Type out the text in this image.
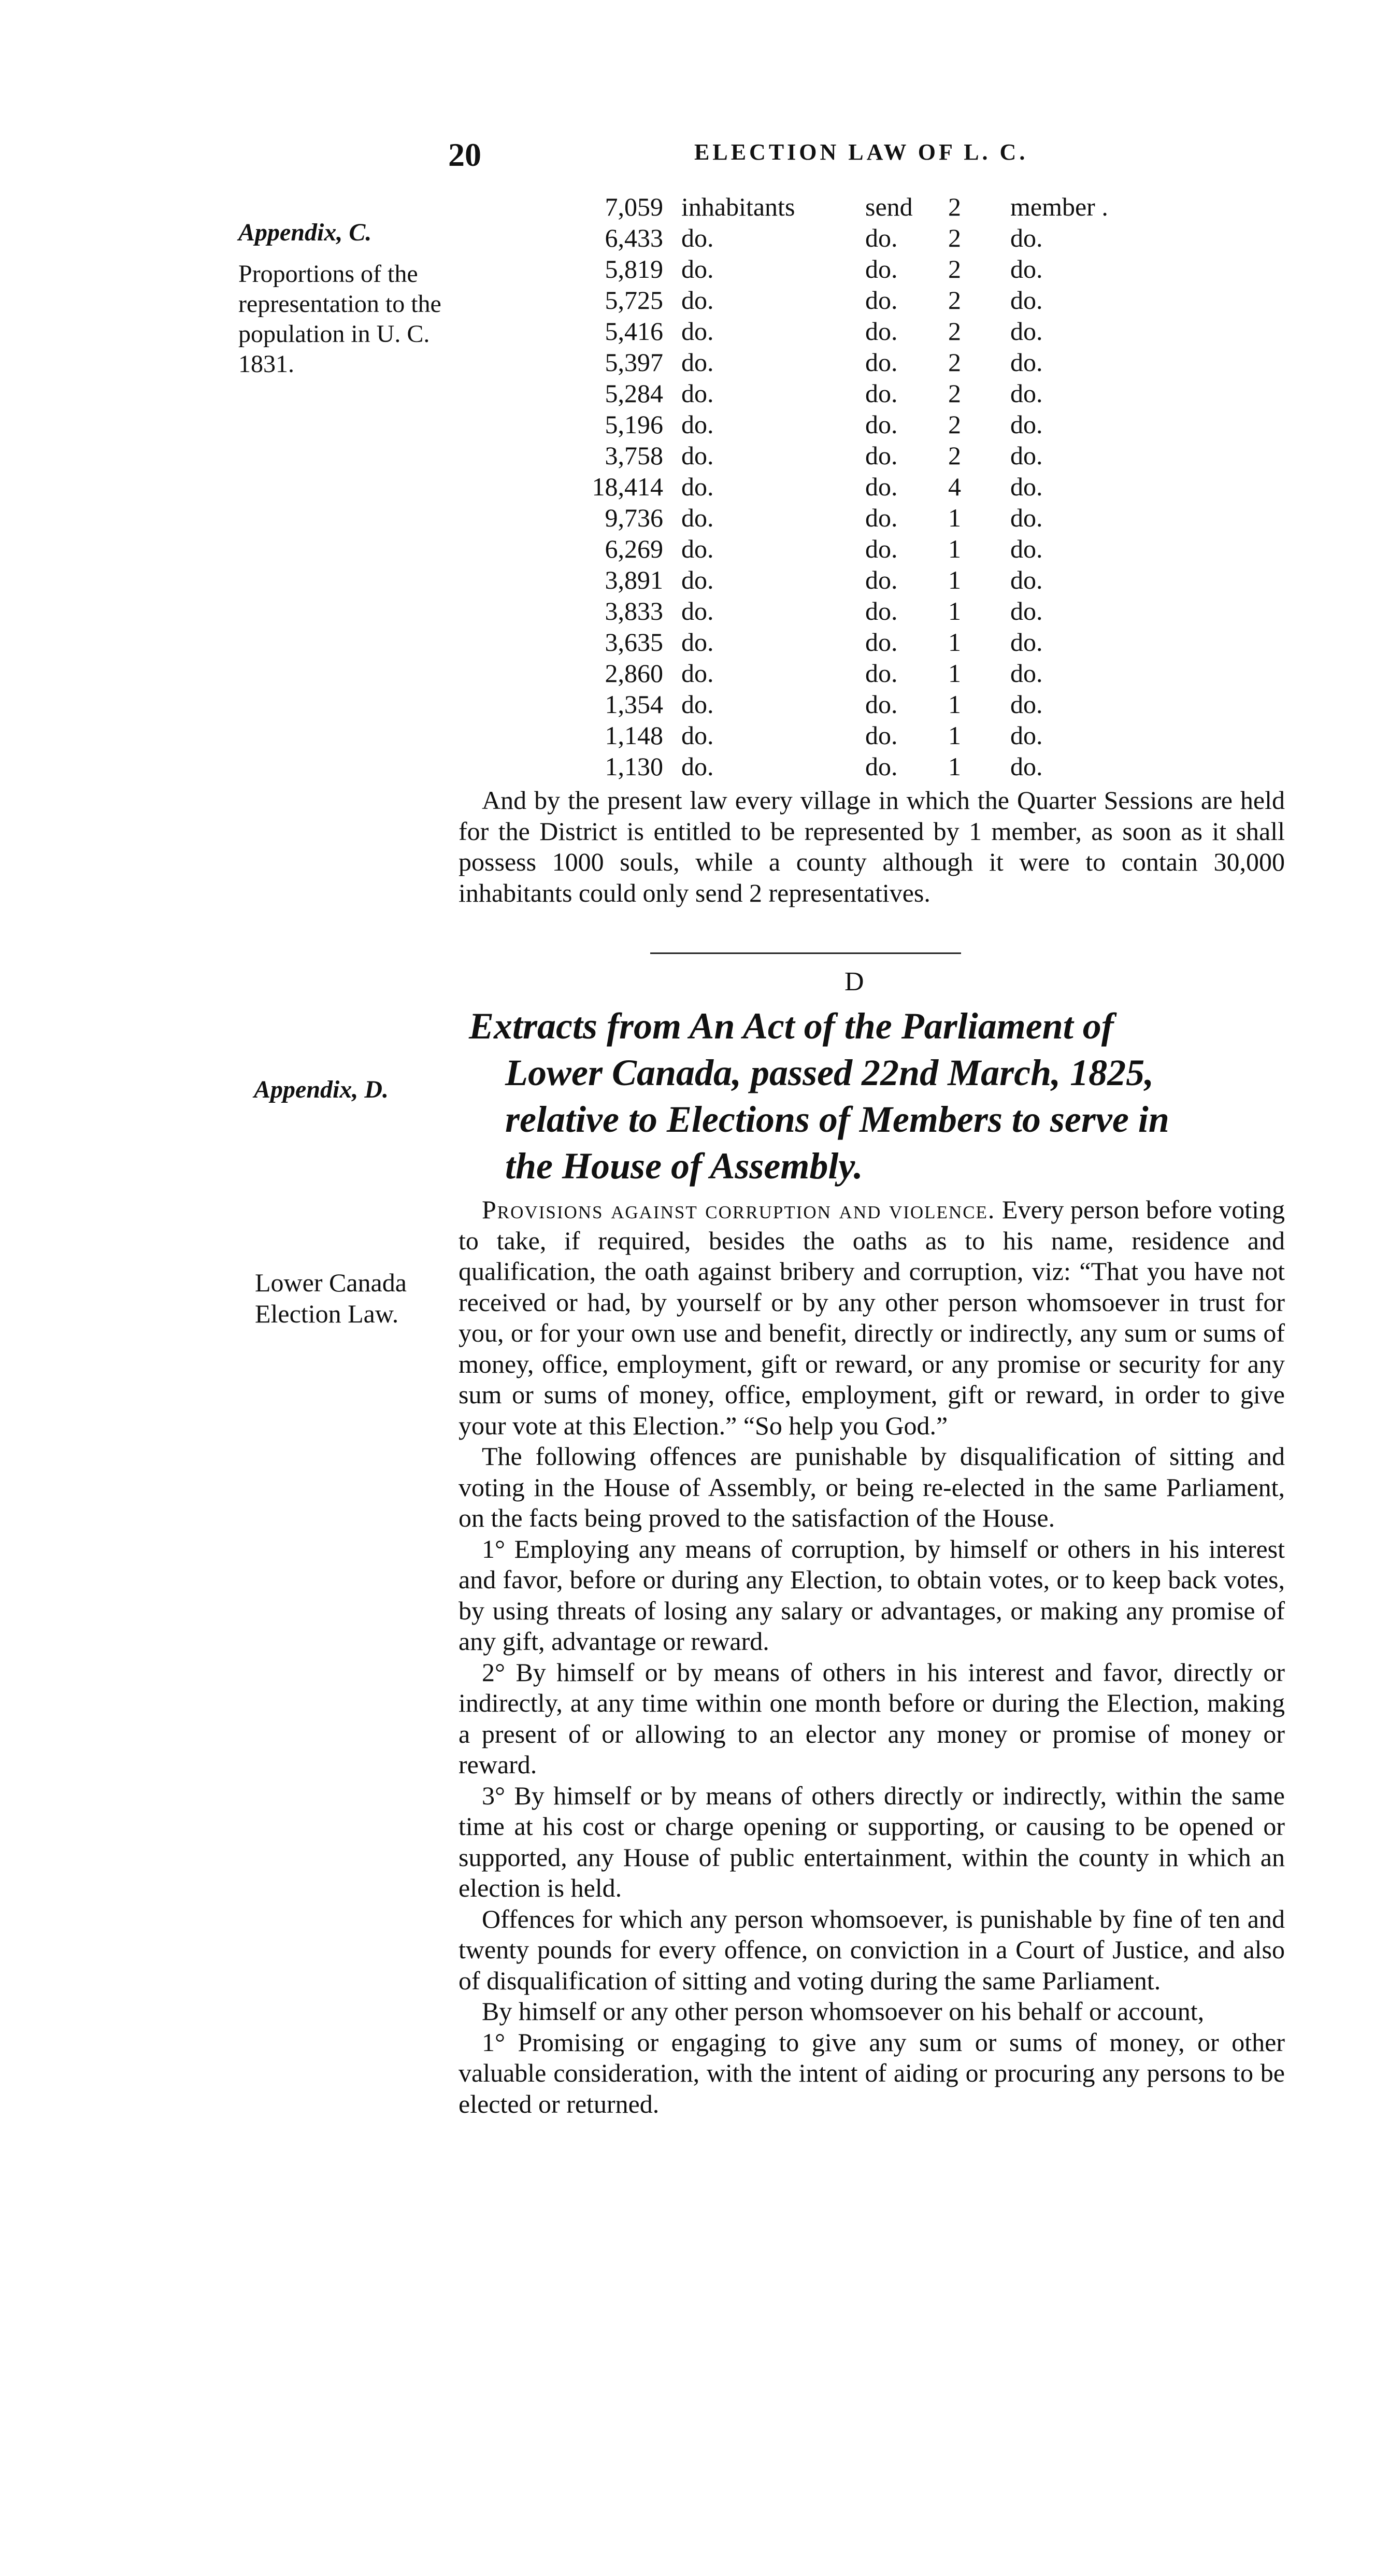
20	ELECTION LAW OF L. C.
Appendix, C.
Proportions of the representation to the population in U. C. 1831.
7,059 inhabitants	send 2 member .
6,433 do.	do. 2 do.
5,819 do.	do. 2 do.
5,725 do.	do. 2 do.
5,416 do.	do. 2 do.
5,397 do.	do. 2 do.
5,284 do.	do. 2 do.
5,196 do.	do. 2 do.
3,758 do.	do. 2 do.
18,414 do.	do. 4 do.
9,736 do.	do. 1 do.
6,269 do.	do. 1 do.
3,891 do.	do. 1 do.
3,833 do.	do. 1 do.
3,635 do.	do. 1 do.
2,860 do.	do. 1 do.
1,354 do.	do. 1 do.
1,148 do.	do. 1 do.
1,130 do.	do. 1 do.

And by the present law every village in which the Quarter Sessions are held for the District is entitled to be represented by 1 member, as soon as it shall possess 1000 souls, while a county although it were to contain 30,000 inhabitants could only send 2 representatives.

D
Appendix, D.
Extracts from An Act of the Parliament of
Lower Canada, passed 22nd March, 1825,
relative to Elections of Members to serve in
the House of Assembly.
Lower Canada
Election Law.

Provisions against corruption and violence. Every person before voting to take, if required, besides the oaths as to his name, residence and qualification, the oath against bribery and corruption, viz: “That you have not received or had, by yourself or by any other person whomsoever in trust for you, or for your own use and benefit, directly or indirectly, any sum or sums of money, office, employment, gift or reward, or any promise or security for any sum or sums of money, office, employment, gift or reward, in order to give your vote at this Election.” “So help you God.”

The following offences are punishable by disqualification of sitting and voting in the House of Assembly, or being re-elected in the same Parliament, on the facts being proved to the satisfaction of the House.

1° Employing any means of corruption, by himself or others in his interest and favor, before or during any Election, to obtain votes, or to keep back votes, by using threats of losing any salary or advantages, or making any promise of any gift, advantage or reward.

2° By himself or by means of others in his interest and favor, directly or indirectly, at any time within one month before or during the Election, making a present of or allowing to an elector any money or promise of money or reward.

3° By himself or by means of others directly or indirectly, within the same time at his cost or charge opening or supporting, or causing to be opened or supported, any House of public entertainment, within the county in which an election is held.

Offences for which any person whomsoever, is punishable by fine of ten and twenty pounds for every offence, on conviction in a Court of Justice, and also of disqualification of sitting and voting during the same Parliament.

By himself or any other person whomsoever on his behalf or account,

1° Promising or engaging to give any sum or sums of money, or other valuable consideration, with the intent of aiding or procuring any persons to be elected or returned.
